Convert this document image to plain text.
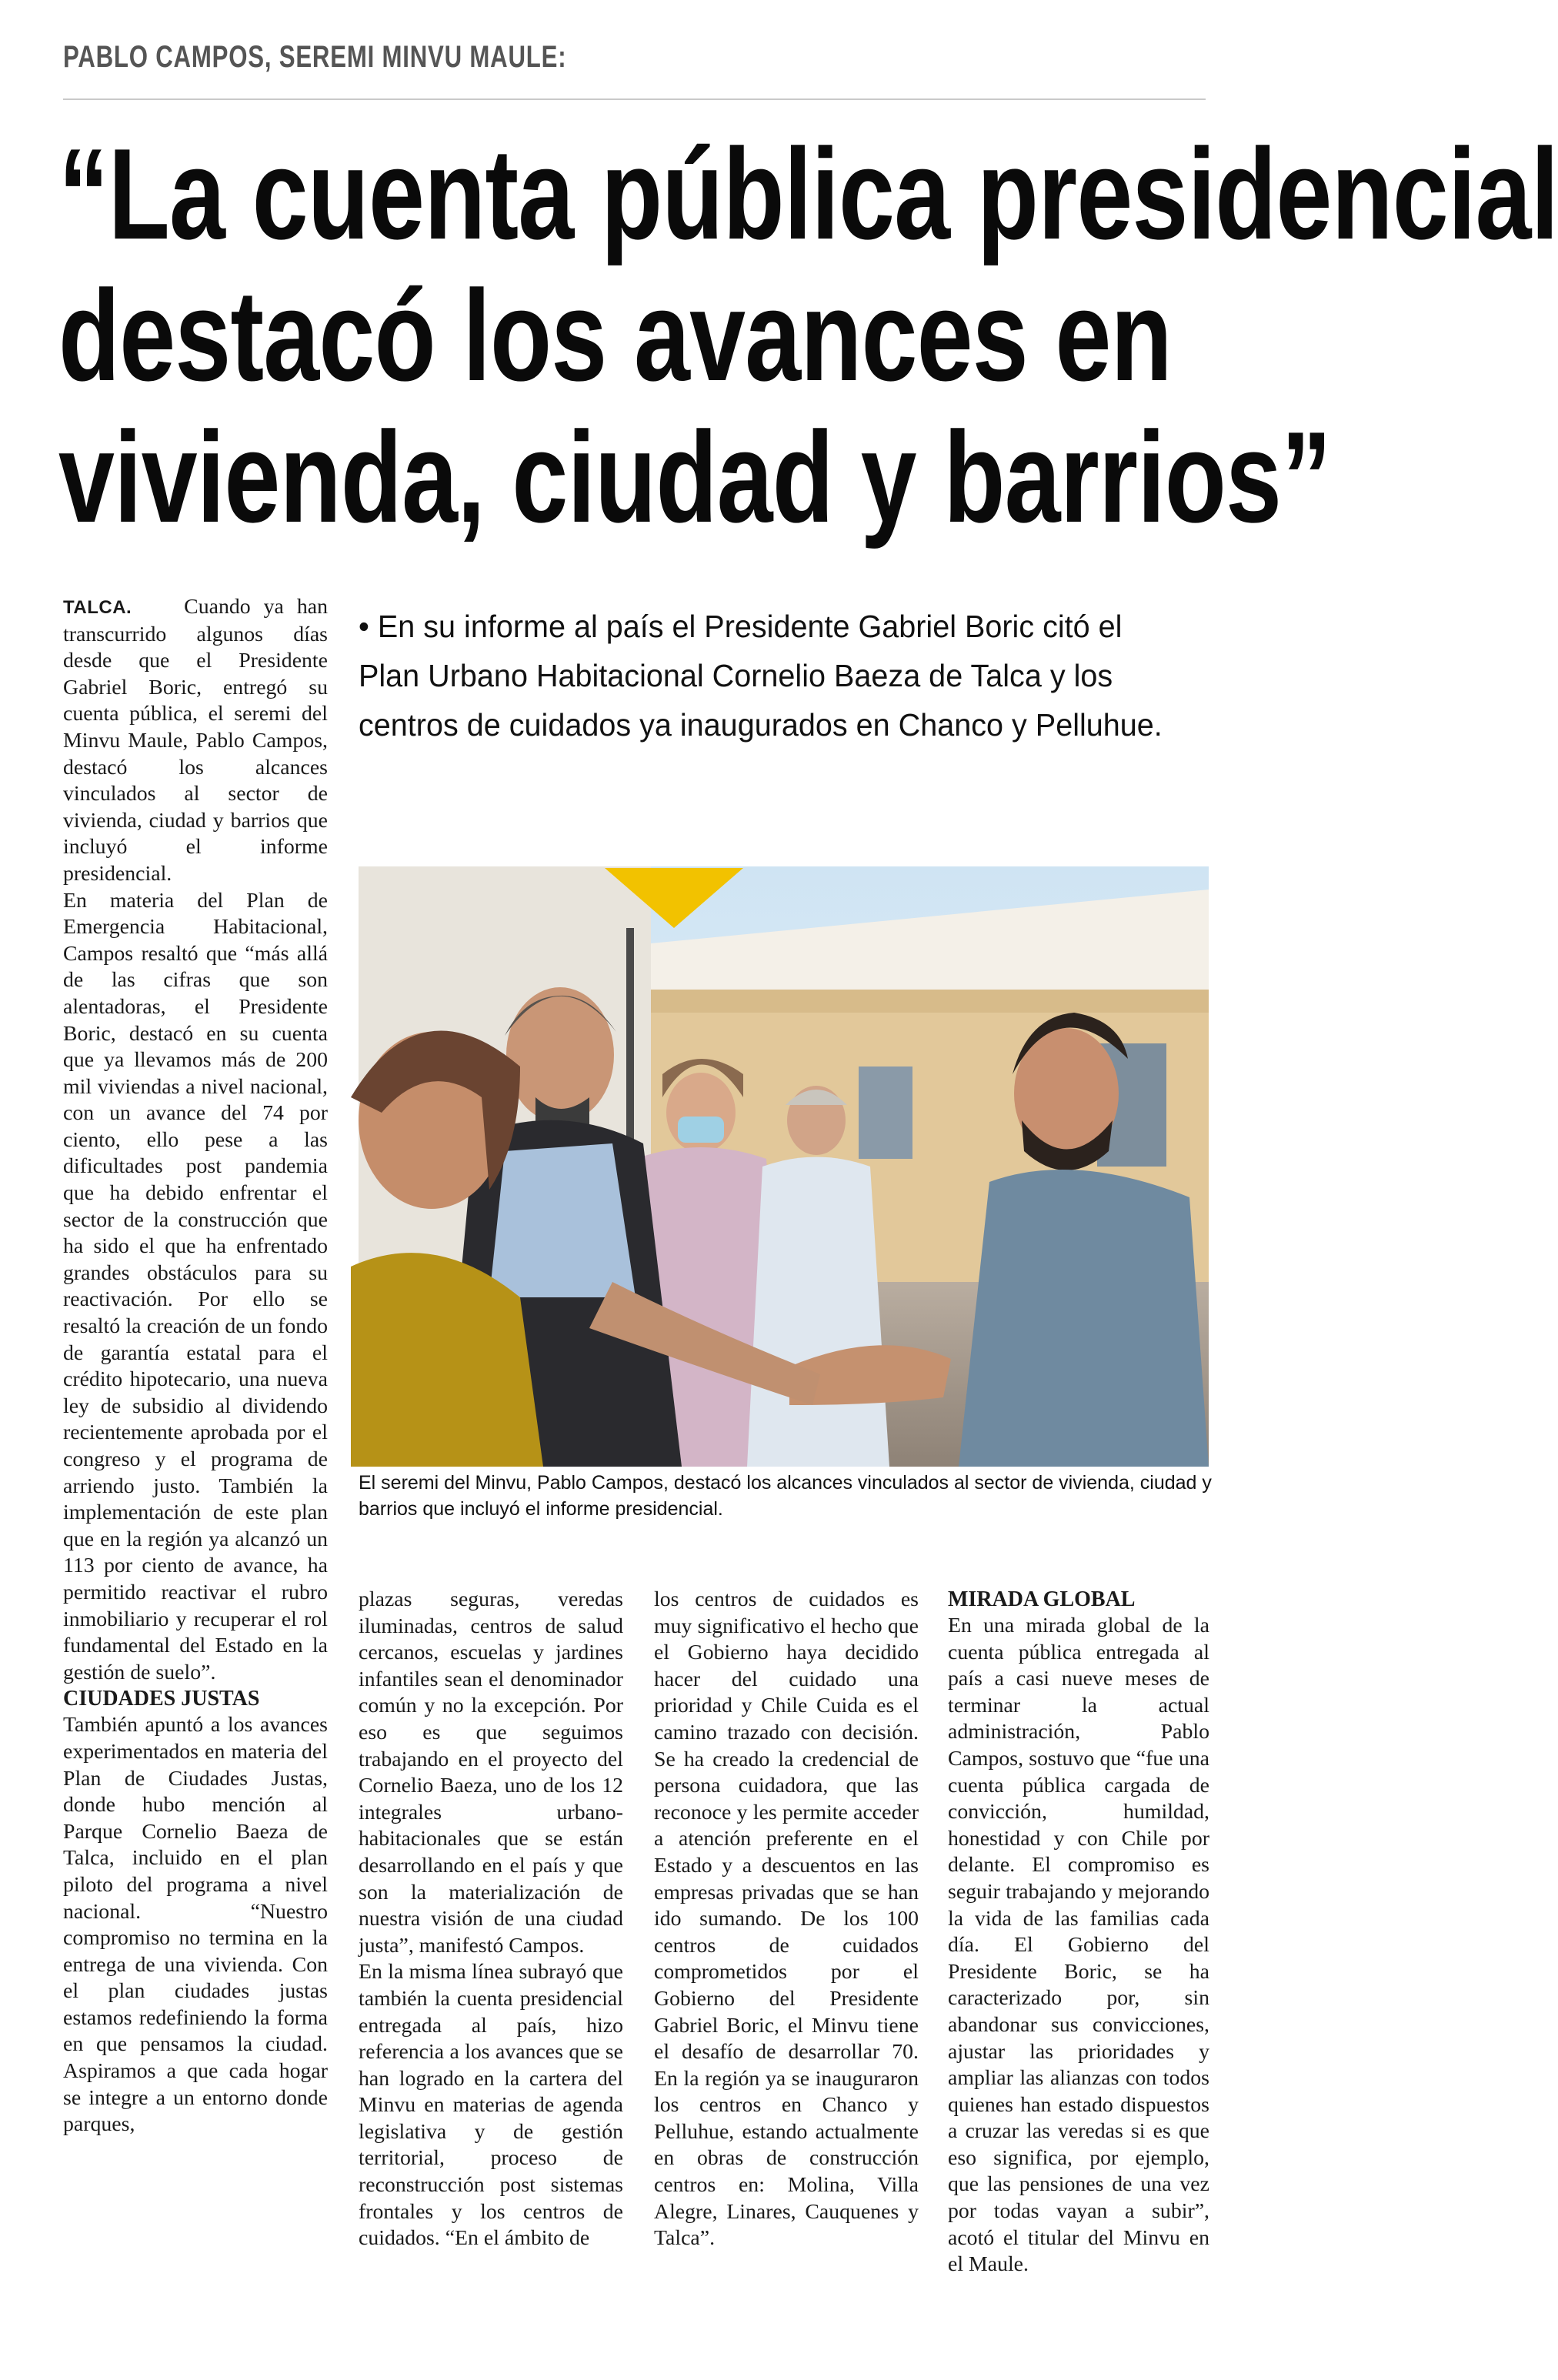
PABLO CAMPOS, SEREMI MINVU MAULE:
“La cuenta pública presidencial
destacó los avances en
vivienda, ciudad y barrios”

TALCA. Cuando ya han transcurrido algunos días desde que el Presidente Gabriel Boric, entregó su cuenta pública, el seremi del Minvu Maule, Pablo Campos, destacó los alcances vinculados al sector de vivienda, ciudad y barrios que incluyó el informe presidencial.

En materia del Plan de Emergencia Habitacional, Campos resaltó que “más allá de las cifras que son alentadoras, el Presidente Boric, destacó en su cuenta que ya llevamos más de 200 mil viviendas a nivel nacional, con un avance del 74 por ciento, ello pese a las dificultades post pandemia que ha debido enfrentar el sector de la construcción que ha sido el que ha enfrentado grandes obstáculos para su reactivación. Por ello se resaltó la creación de un fondo de garantía estatal para el crédito hipotecario, una nueva ley de subsidio al dividendo recientemente aprobada por el congreso y el programa de arriendo justo. También la implementación de este plan que en la región ya alcanzó un 113 por ciento de avance, ha permitido reactivar el rubro inmobiliario y recuperar el rol fundamental del Estado en la gestión de suelo”.

CIUDADES JUSTAS

También apuntó a los avances experimentados en materia del Plan de Ciudades Justas, donde hubo mención al Parque Cornelio Baeza de Talca, incluido en el plan piloto del programa a nivel nacional. “Nuestro compromiso no termina en la entrega de una vivienda. Con el plan ciudades justas estamos redefiniendo la forma en que pensamos la ciudad. Aspiramos a que cada hogar se integre a un entorno donde parques,

• En su informe al país el Presidente Gabriel Boric citó el Plan Urbano Habitacional Cornelio Baeza de Talca y los centros de cuidados ya inaugurados en Chanco y Pelluhue.
El seremi del Minvu, Pablo Campos, destacó los alcances vinculados al sector de vivienda, ciudad y barrios que incluyó el informe presidencial.

plazas seguras, veredas iluminadas, centros de salud cercanos, escuelas y jardines infantiles sean el denominador común y no la excepción. Por eso es que seguimos trabajando en el proyecto del Cornelio Baeza, uno de los 12 integrales urbano-habitacionales que se están desarrollando en el país y que son la materialización de nuestra visión de una ciudad justa”, manifestó Campos.

En la misma línea subrayó que también la cuenta presidencial entregada al país, hizo referencia a los avances que se han logrado en la cartera del Minvu en materias de agenda legislativa y de gestión territorial, proceso de reconstrucción post sistemas frontales y los centros de cuidados. “En el ámbito de

los centros de cuidados es muy significativo el hecho que el Gobierno haya decidido hacer del cuidado una prioridad y Chile Cuida es el camino trazado con decisión. Se ha creado la credencial de persona cuidadora, que las reconoce y les permite acceder a atención preferente en el Estado y a descuentos en las empresas privadas que se han ido sumando. De los 100 centros de cuidados comprometidos por el Gobierno del Presidente Gabriel Boric, el Minvu tiene el desafío de desarrollar 70. En la región ya se inauguraron los centros en Chanco y Pelluhue, estando actualmente en obras de construcción centros en: Molina, Villa Alegre, Linares, Cauquenes y Talca”.

MIRADA GLOBAL

En una mirada global de la cuenta pública entregada al país a casi nueve meses de terminar la actual administración, Pablo Campos, sostuvo que “fue una cuenta pública cargada de convicción, humildad, honestidad y con Chile por delante. El compromiso es seguir trabajando y mejorando la vida de las familias cada día. El Gobierno del Presidente Boric, se ha caracterizado por, sin abandonar sus convicciones, ajustar las prioridades y ampliar las alianzas con todos quienes han estado dispuestos a cruzar las veredas si es que eso significa, por ejemplo, que las pensiones de una vez por todas vayan a subir”, acotó el titular del Minvu en el Maule.
